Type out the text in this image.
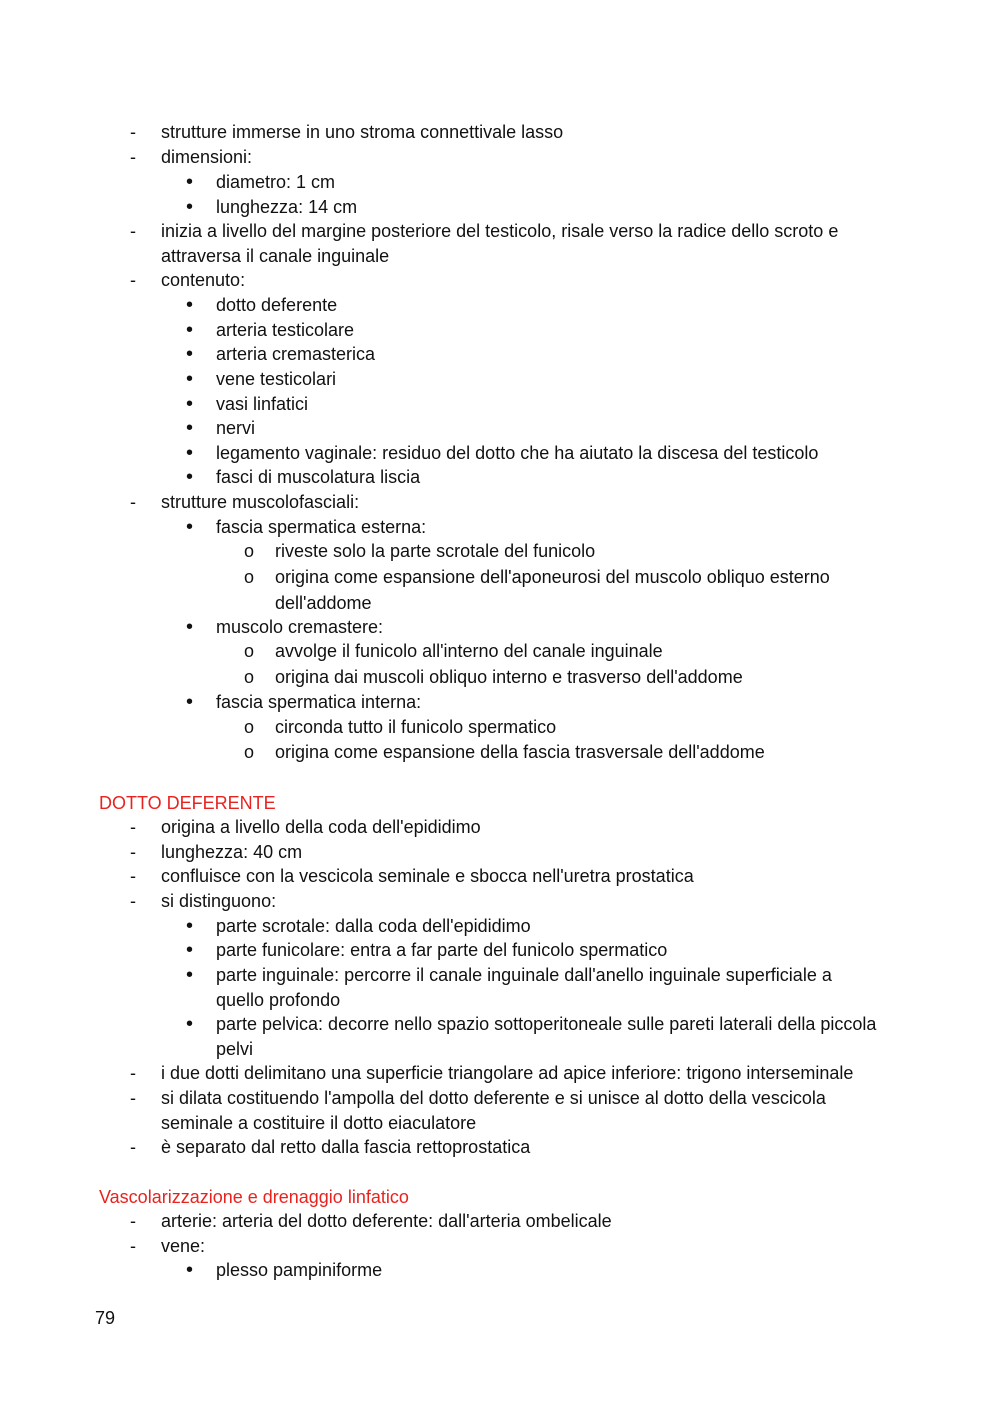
- strutture immerse in uno stroma connettivale lasso
- dimensioni:
• diametro: 1 cm
• lunghezza: 14 cm
- inizia a livello del margine posteriore del testicolo, risale verso la radice dello scroto e
attraversa il canale inguinale
- contenuto:
• dotto deferente
• arteria testicolare
• arteria cremasterica
• vene testicolari
• vasi linfatici
• nervi
• legamento vaginale: residuo del dotto che ha aiutato la discesa del testicolo
• fasci di muscolatura liscia
- strutture muscolofasciali:
• fascia spermatica esterna:
o riveste solo la parte scrotale del funicolo
o origina come espansione dell'aponeurosi del muscolo obliquo esterno
dell'addome
• muscolo cremastere:
o avvolge il funicolo all'interno del canale inguinale
o origina dai muscoli obliquo interno e trasverso dell'addome
• fascia spermatica interna:
o circonda tutto il funicolo spermatico
o origina come espansione della fascia trasversale dell'addome
DOTTO DEFERENTE
- origina a livello della coda dell'epididimo
- lunghezza: 40 cm
- confluisce con la vescicola seminale e sbocca nell'uretra prostatica
- si distinguono:
• parte scrotale: dalla coda dell'epididimo
• parte funicolare: entra a far parte del funicolo spermatico
• parte inguinale: percorre il canale inguinale dall'anello inguinale superficiale a
quello profondo
• parte pelvica: decorre nello spazio sottoperitoneale sulle pareti laterali della piccola
pelvi
- i due dotti delimitano una superficie triangolare ad apice inferiore: trigono interseminale
- si dilata costituendo l'ampolla del dotto deferente e si unisce al dotto della vescicola
seminale a costituire il dotto eiaculatore
- è separato dal retto dalla fascia rettoprostatica
Vascolarizzazione e drenaggio linfatico
- arterie: arteria del dotto deferente: dall'arteria ombelicale
- vene:
• plesso pampiniforme
79
